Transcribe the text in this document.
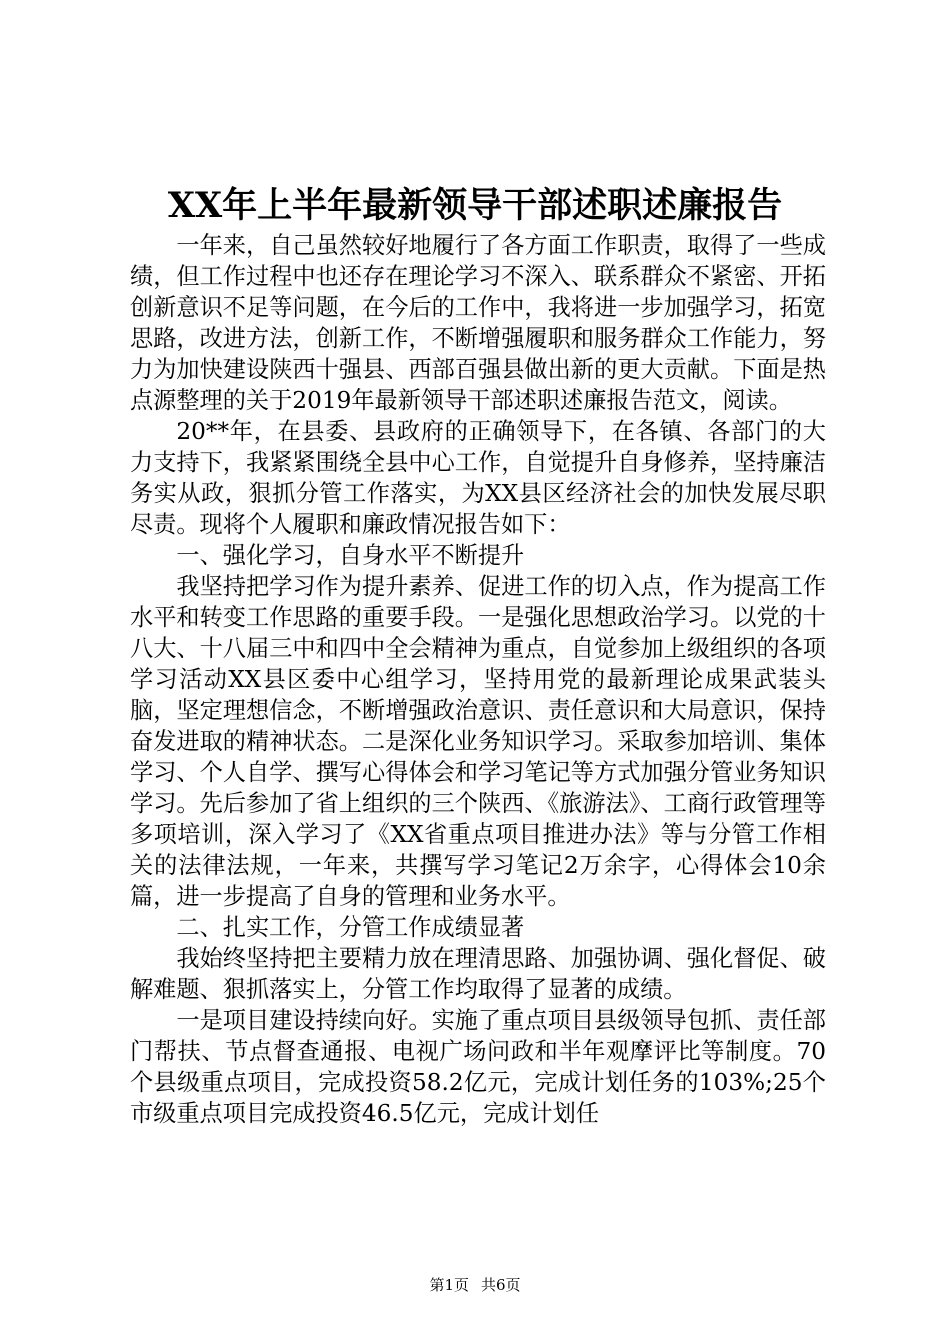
XX年上半年最新领导干部述职述廉报告

一年来，自己虽然较好地履行了各方面工作职责，取得了一些成绩，但工作过程中也还存在理论学习不深入、联系群众不紧密、开拓创新意识不足等问题，在今后的工作中，我将进一步加强学习，拓宽思路，改进方法，创新工作，不断增强履职和服务群众工作能力，努力为加快建设陕西十强县、西部百强县做出新的更大贡献。下面是热点源整理的关于2019年最新领导干部述职述廉报告范文，阅读。

20**年，在县委、县政府的正确领导下，在各镇、各部门的大力支持下，我紧紧围绕全县中心工作，自觉提升自身修养，坚持廉洁务实从政，狠抓分管工作落实，为XX县区经济社会的加快发展尽职尽责。现将个人履职和廉政情况报告如下：

一、强化学习，自身水平不断提升

我坚持把学习作为提升素养、促进工作的切入点，作为提高工作水平和转变工作思路的重要手段。一是强化思想政治学习。以党的十八大、十八届三中和四中全会精神为重点，自觉参加上级组织的各项学习活动XX县区委中心组学习，坚持用党的最新理论成果武装头脑，坚定理想信念，不断增强政治意识、责任意识和大局意识，保持奋发进取的精神状态。二是深化业务知识学习。采取参加培训、集体学习、个人自学、撰写心得体会和学习笔记等方式加强分管业务知识学习。先后参加了省上组织的三个陕西、《旅游法》、工商行政管理等多项培训，深入学习了《XX省重点项目推进办法》等与分管工作相关的法律法规，一年来，共撰写学习笔记2万余字，心得体会10余篇，进一步提高了自身的管理和业务水平。

二、扎实工作，分管工作成绩显著

我始终坚持把主要精力放在理清思路、加强协调、强化督促、破解难题、狠抓落实上，分管工作均取得了显著的成绩。

一是项目建设持续向好。实施了重点项目县级领导包抓、责任部门帮扶、节点督查通报、电视广场问政和半年观摩评比等制度。70个县级重点项目，完成投资58.2亿元，完成计划任务的103%;25个市级重点项目完成投资46.5亿元，完成计划任

第1页 共6页
